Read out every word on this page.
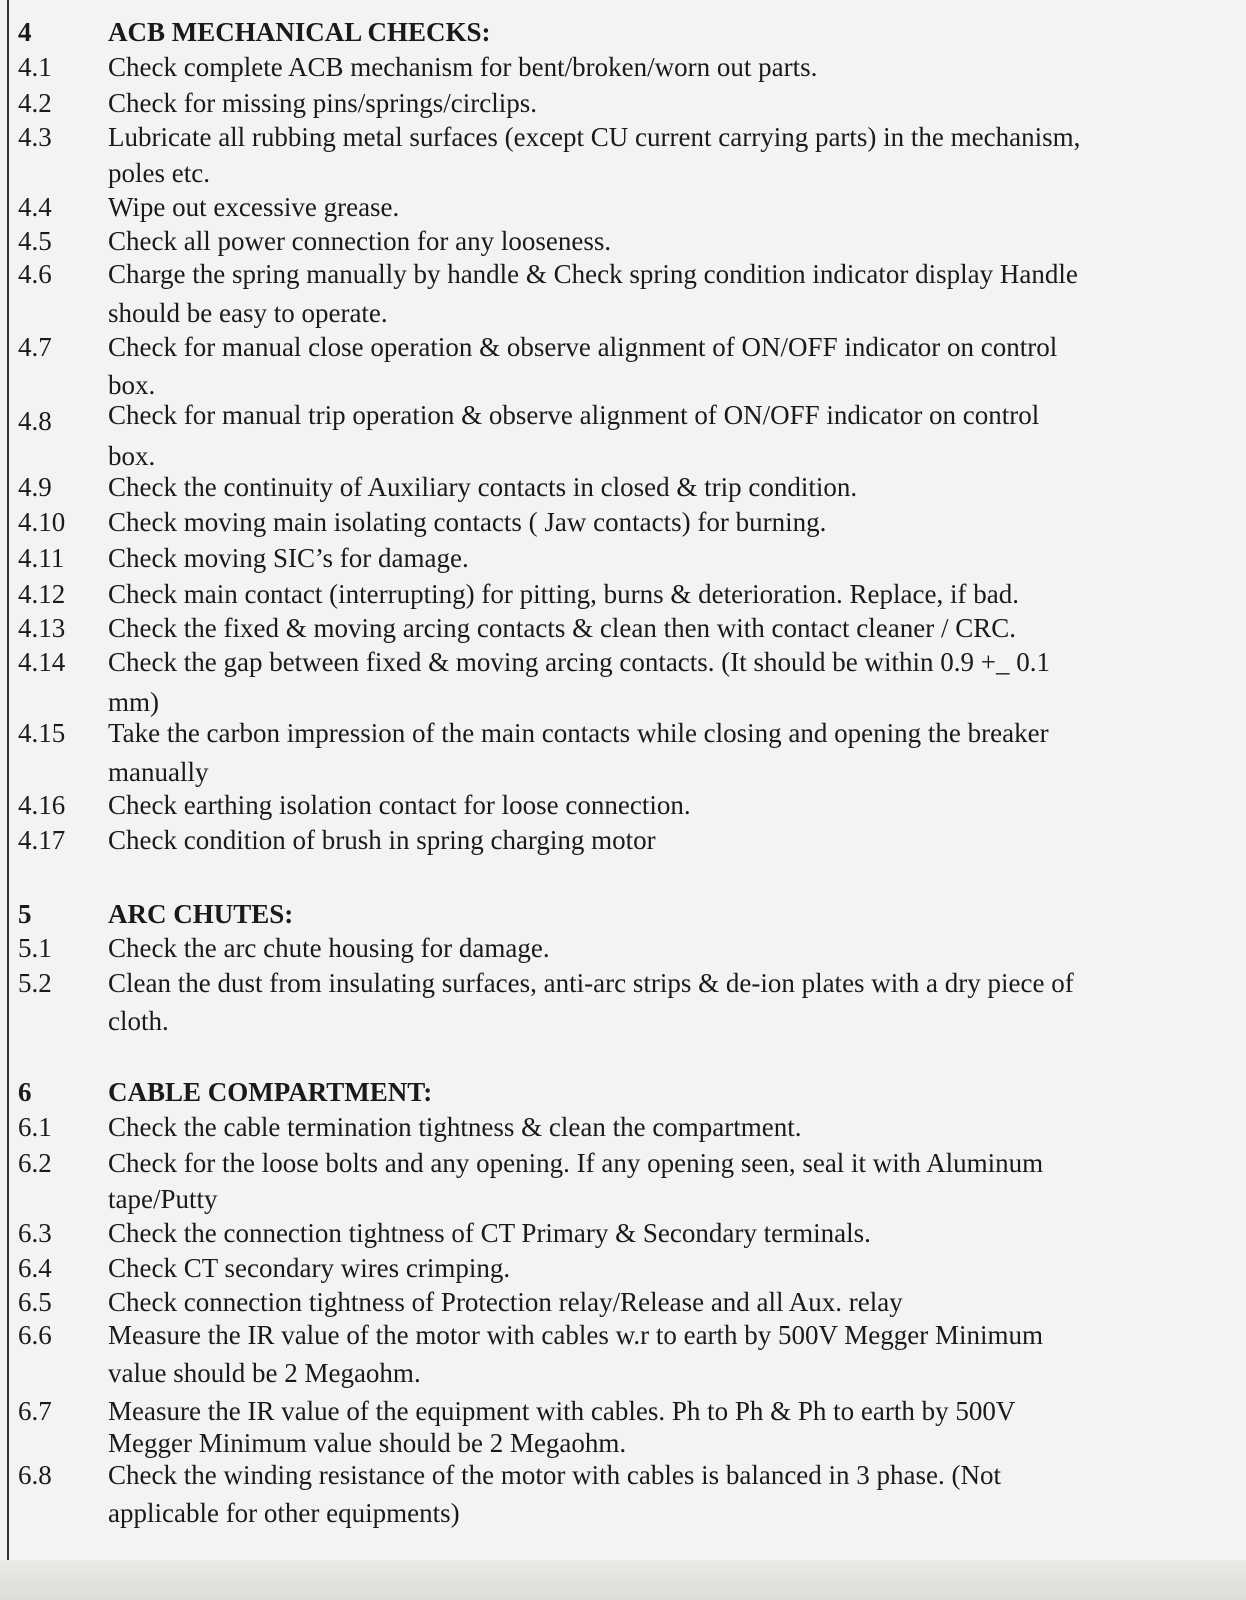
4	ACB MECHANICAL CHECKS:
4.1 Check complete ACB mechanism for bent/broken/worn out parts.
4.2 Check for missing pins/springs/circlips.
4.3 Lubricate all rubbing metal surfaces (except CU current carrying parts) in the mechanism,
poles etc.
4.4 Wipe out excessive grease.
4.5 Check all power connection for any looseness.
4.6 Charge the spring manually by handle & Check spring condition indicator display Handle
should be easy to operate.
4.7 Check for manual close operation & observe alignment of ON/OFF indicator on control
box.
4.8 Check for manual trip operation & observe alignment of ON/OFF indicator on control
box.
4.9 Check the continuity of Auxiliary contacts in closed & trip condition.
4.10 Check moving main isolating contacts ( Jaw contacts) for burning.
4.11 Check moving SIC’s for damage.
4.12 Check main contact (interrupting) for pitting, burns & deterioration. Replace, if bad.
4.13 Check the fixed & moving arcing contacts & clean then with contact cleaner / CRC.
4.14 Check the gap between fixed & moving arcing contacts. (It should be within 0.9 +_ 0.1
mm)
4.15 Take the carbon impression of the main contacts while closing and opening the breaker
manually
4.16 Check earthing isolation contact for loose connection.
4.17 Check condition of brush in spring charging motor
5	ARC CHUTES:
5.1 Check the arc chute housing for damage.
5.2 Clean the dust from insulating surfaces, anti-arc strips & de-ion plates with a dry piece of
cloth.
6	CABLE COMPARTMENT:
6.1 Check the cable termination tightness & clean the compartment.
6.2 Check for the loose bolts and any opening. If any opening seen, seal it with Aluminum
tape/Putty
6.3 Check the connection tightness of CT Primary & Secondary terminals.
6.4 Check CT secondary wires crimping.
6.5 Check connection tightness of Protection relay/Release and all Aux. relay
6.6 Measure the IR value of the motor with cables w.r to earth by 500V Megger Minimum
value should be 2 Megaohm.
6.7 Measure the IR value of the equipment with cables. Ph to Ph & Ph to earth by 500V
Megger Minimum value should be 2 Megaohm.
6.8 Check the winding resistance of the motor with cables is balanced in 3 phase. (Not
applicable for other equipments)
